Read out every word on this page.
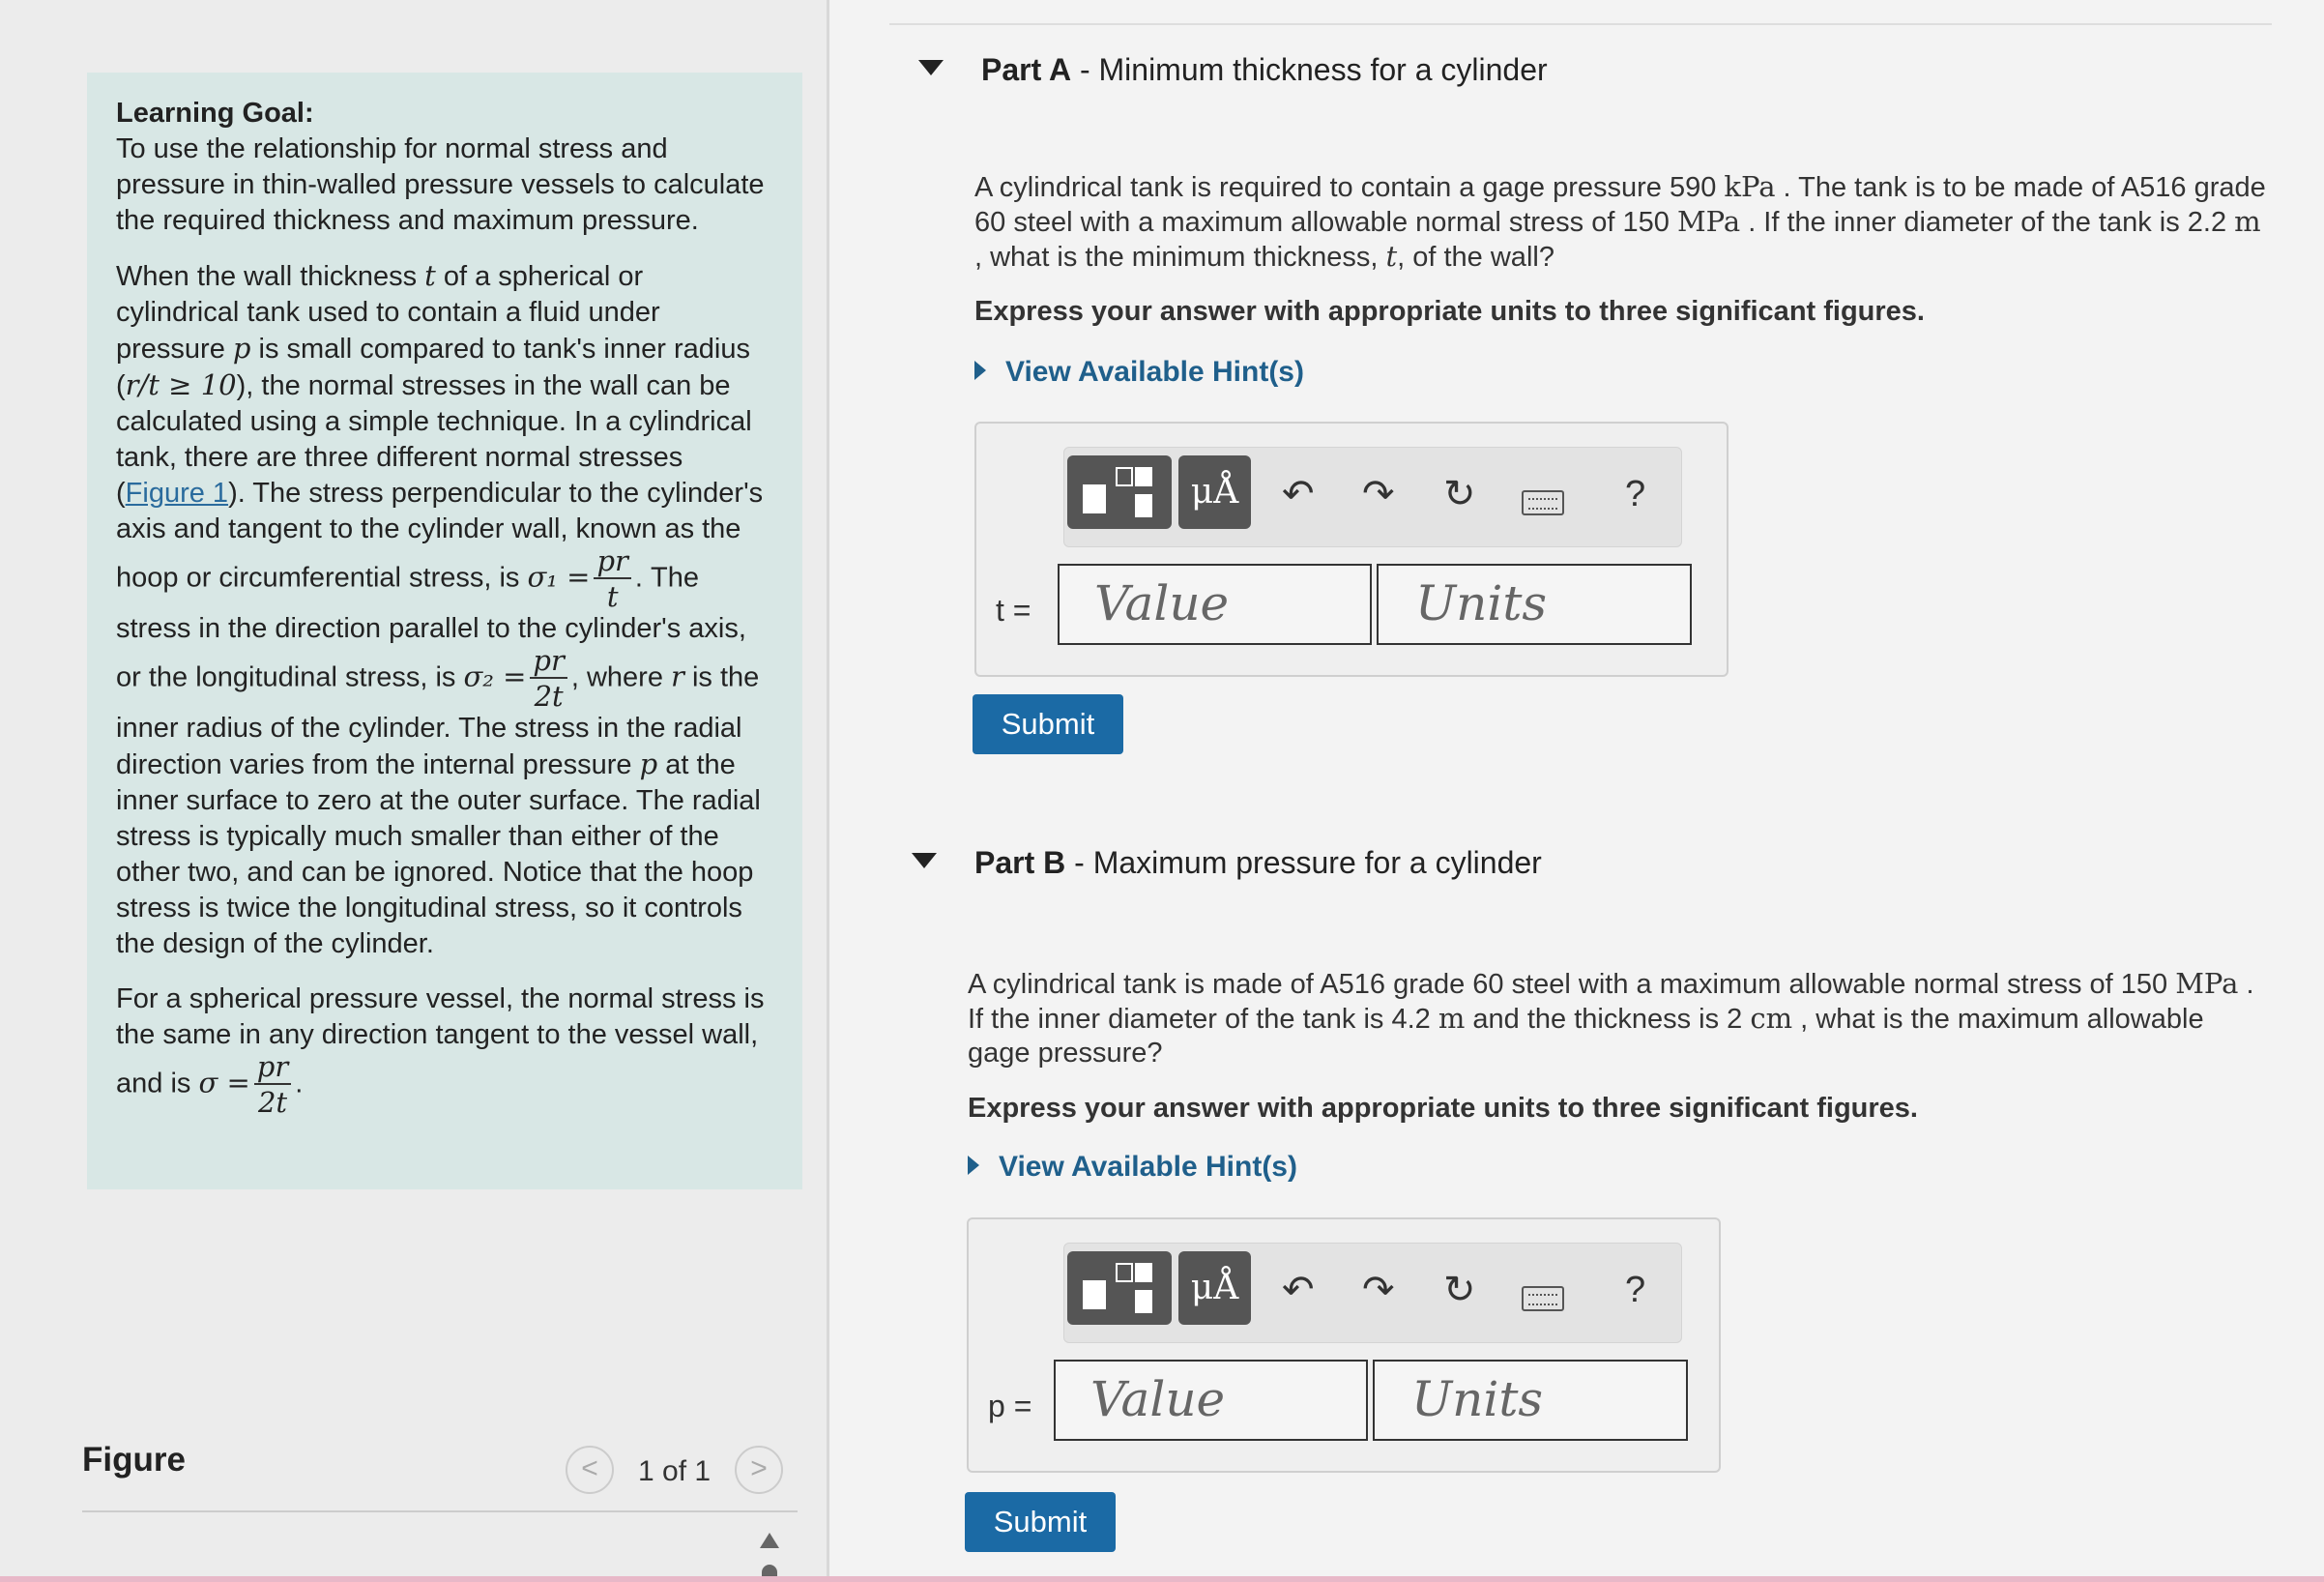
Learning Goal:
To use the relationship for normal stress and pressure in thin-walled pressure vessels to calculate the required thickness and maximum pressure.

When the wall thickness t of a spherical or cylindrical tank used to contain a fluid under pressure p is small compared to tank's inner radius (r/t ≥ 10), the normal stresses in the wall can be calculated using a simple technique. In a cylindrical tank, there are three different normal stresses (Figure 1). The stress perpendicular to the cylinder's axis and tangent to the cylinder wall, known as the hoop or circumferential stress, is $\sigma_1 = \frac{pr}{t}$ . The stress in the direction parallel to the cylinder's axis, or the longitudinal stress, is $\sigma_2 = \frac{pr}{2t}$ , where r is the inner radius of the cylinder. The stress in the radial direction varies from the internal pressure p at the inner surface to zero at the outer surface. The radial stress is typically much smaller than either of the other two, and can be ignored. Notice that the hoop stress is twice the longitudinal stress, so it controls the design of the cylinder.

For a spherical pressure vessel, the normal stress is the same in any direction tangent to the vessel wall, and is $\sigma = \frac{pr}{2t}$ .

Figure	<	1 of 1	>
Part A - Minimum thickness for a cylinder
A cylindrical tank is required to contain a gage pressure 590 kPa . The tank is to be made of A516 grade 60 steel with a maximum allowable normal stress of 150 MPa . If the inner diameter of the tank is 2.2 m , what is the minimum thickness, t, of the wall?
Express your answer with appropriate units to three significant figures.
View Available Hint(s)
μÅ	↶ ↷ ↻	?
t =	Value	Units
Submit
Part B - Maximum pressure for a cylinder
A cylindrical tank is made of A516 grade 60 steel with a maximum allowable normal stress of 150 MPa . If the inner diameter of the tank is 4.2 m and the thickness is 2 cm , what is the maximum allowable gage pressure?
Express your answer with appropriate units to three significant figures.
View Available Hint(s)
μÅ	↶ ↷ ↻	?
p =	Value	Units
Submit
